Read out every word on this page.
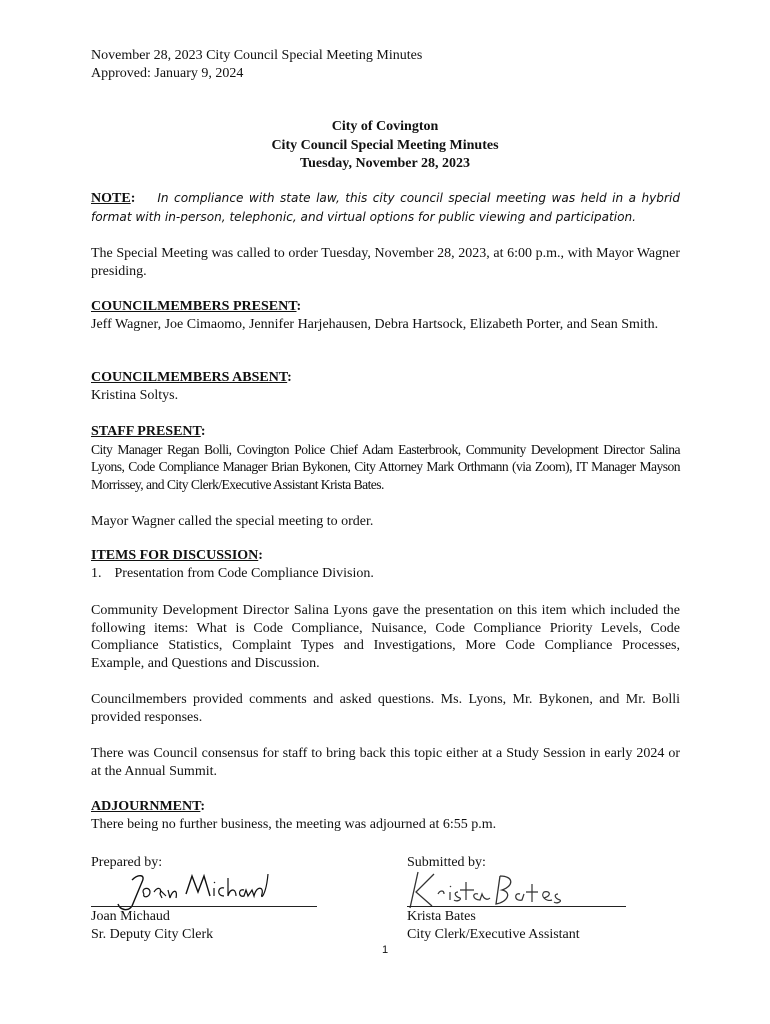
November 28, 2023 City Council Special Meeting Minutes
Approved: January 9, 2024
City of Covington
City Council Special Meeting Minutes
Tuesday, November 28, 2023
NOTE: In compliance with state law, this city council special meeting was held in a hybrid format with in-person, telephonic, and virtual options for public viewing and participation.
The Special Meeting was called to order Tuesday, November 28, 2023, at 6:00 p.m., with Mayor Wagner presiding.
COUNCILMEMBERS PRESENT:
Jeff Wagner, Joe Cimaomo, Jennifer Harjehausen, Debra Hartsock, Elizabeth Porter, and Sean Smith.
COUNCILMEMBERS ABSENT:
Kristina Soltys.
STAFF PRESENT:
City Manager Regan Bolli, Covington Police Chief Adam Easterbrook, Community Development Director Salina Lyons, Code Compliance Manager Brian Bykonen, City Attorney Mark Orthmann (via Zoom), IT Manager Mayson Morrissey, and City Clerk/Executive Assistant Krista Bates.
Mayor Wagner called the special meeting to order.
ITEMS FOR DISCUSSION:
1. Presentation from Code Compliance Division.
Community Development Director Salina Lyons gave the presentation on this item which included the following items: What is Code Compliance, Nuisance, Code Compliance Priority Levels, Code Compliance Statistics, Complaint Types and Investigations, More Code Compliance Processes, Example, and Questions and Discussion.
Councilmembers provided comments and asked questions. Ms. Lyons, Mr. Bykonen, and Mr. Bolli provided responses.
There was Council consensus for staff to bring back this topic either at a Study Session in early 2024 or at the Annual Summit.
ADJOURNMENT:
There being no further business, the meeting was adjourned at 6:55 p.m.
Prepared by:
Joan Michaud
Sr. Deputy City Clerk
Submitted by:
Krista Bates
City Clerk/Executive Assistant
1
